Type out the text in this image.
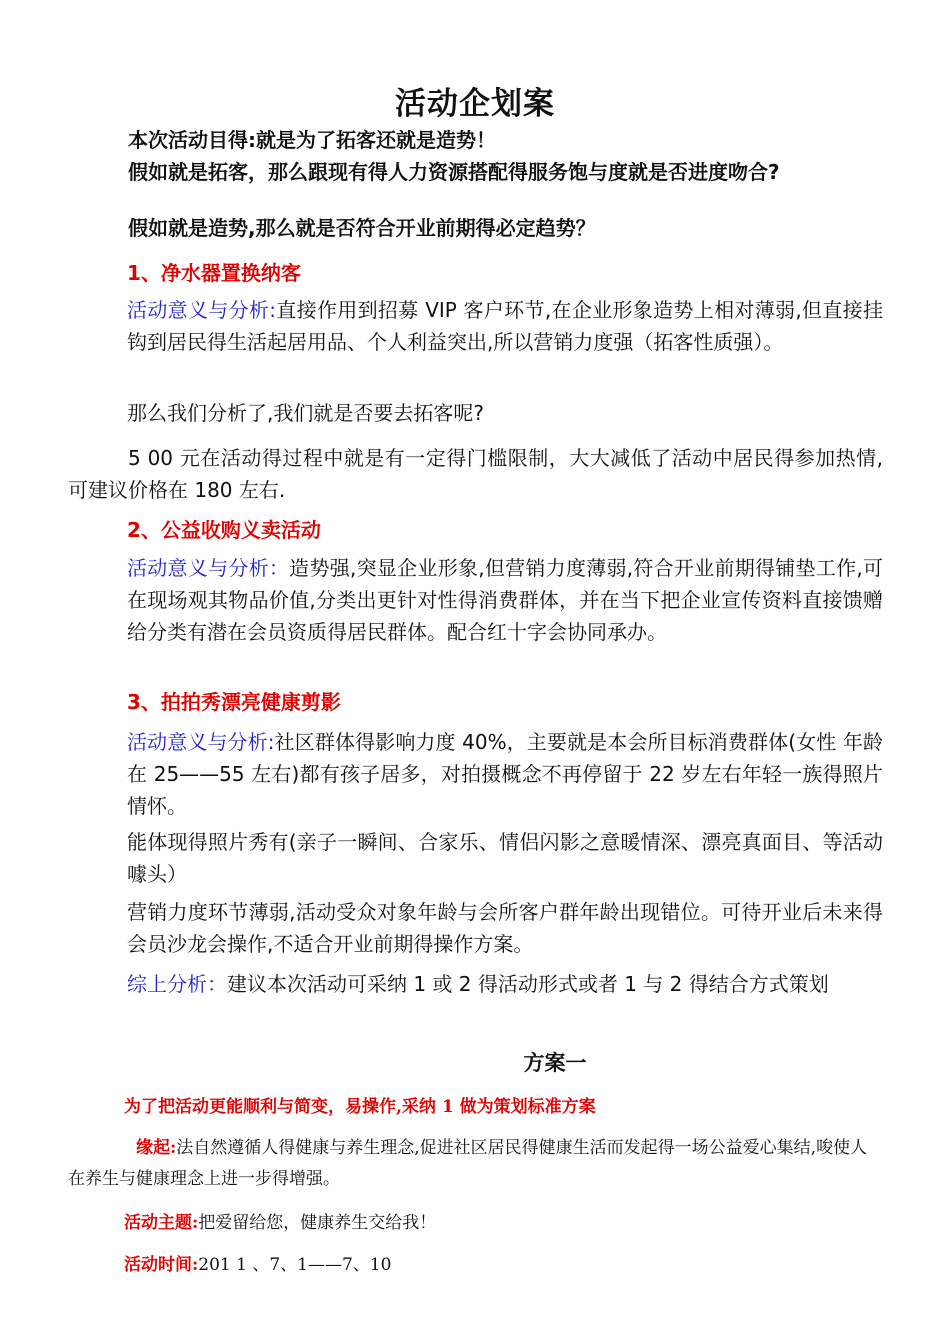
活动企划案
本次活动目得:就是为了拓客还就是造势！
假如就是拓客，那么跟现有得人力资源搭配得服务饱与度就是否进度吻合?
假如就是造势,那么就是否符合开业前期得必定趋势？
1、净水器置换纳客
活动意义与分析:直接作用到招募 VIP 客户环节,在企业形象造势上相对薄弱,但直接挂钩到居民得生活起居用品、个人利益突出,所以营销力度强（拓客性质强）。
那么我们分析了,我们就是否要去拓客呢?
5 00 元在活动得过程中就是有一定得门槛限制，大大减低了活动中居民得参加热情,可建议价格在 180 左右.
2、公益收购义卖活动
活动意义与分析：造势强,突显企业形象,但营销力度薄弱,符合开业前期得铺垫工作,可在现场观其物品价值,分类出更针对性得消费群体，并在当下把企业宣传资料直接馈赠给分类有潜在会员资质得居民群体。配合红十字会协同承办。
3、拍拍秀漂亮健康剪影
活动意义与分析:社区群体得影响力度 40%，主要就是本会所目标消费群体(女性 年龄在 25——55 左右)都有孩子居多，对拍摄概念不再停留于 22 岁左右年轻一族得照片情怀。
能体现得照片秀有(亲子一瞬间、合家乐、情侣闪影之意暖情深、漂亮真面目、等活动噱头）
营销力度环节薄弱,活动受众对象年龄与会所客户群年龄出现错位。可待开业后未来得会员沙龙会操作,不适合开业前期得操作方案。
综上分析：建议本次活动可采纳 1 或 2 得活动形式或者 1 与 2 得结合方式策划
方案一
为了把活动更能顺利与简变，易操作,采纳 1 做为策划标准方案
缘起:法自然遵循人得健康与养生理念,促进社区居民得健康生活而发起得一场公益爱心集结,唆使人在养生与健康理念上进一步得增强。
活动主题:把爱留给您，健康养生交给我！
活动时间:201 1 、7、1——7、10
